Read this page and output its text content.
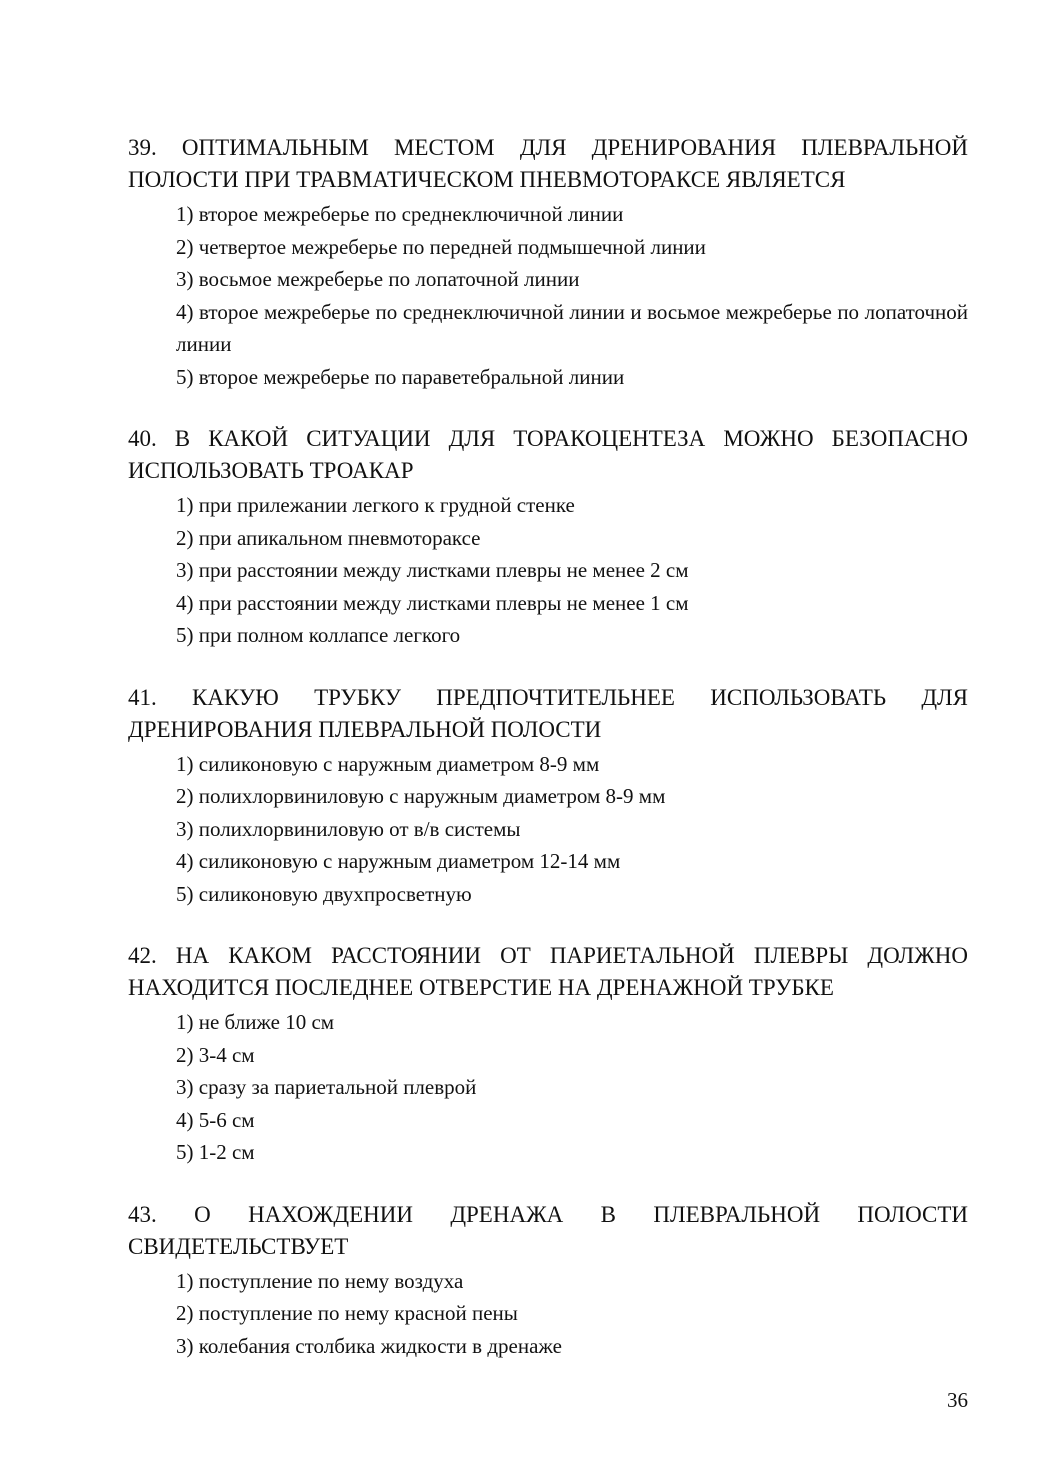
39. ОПТИМАЛЬНЫМ МЕСТОМ ДЛЯ ДРЕНИРОВАНИЯ ПЛЕВРАЛЬНОЙ ПОЛОСТИ ПРИ ТРАВМАТИЧЕСКОМ ПНЕВМОТОРАКСЕ ЯВЛЯЕТСЯ

1) второе межреберье по среднеключичной линии
2) четвертое межреберье по передней подмышечной линии
3) восьмое межреберье по лопаточной линии
4) второе межреберье по среднеключичной линии и восьмое межреберье по лопаточной линии
5) второе межреберье по паравeтебральной линии

40. В КАКОЙ СИТУАЦИИ ДЛЯ ТОРАКОЦЕНТЕЗА МОЖНО БЕЗОПАСНО ИСПОЛЬЗОВАТЬ ТРОАКАР

1) при прилежании легкого к грудной стенке
2) при апикальном пневмотораксе
3) при расстоянии между листками плевры не менее 2 см
4) при расстоянии между листками плевры не менее 1 см
5) при полном коллапсе легкого

41. КАКУЮ ТРУБКУ ПРЕДПОЧТИТЕЛЬНЕЕ ИСПОЛЬЗОВАТЬ ДЛЯ ДРЕНИРОВАНИЯ ПЛЕВРАЛЬНОЙ ПОЛОСТИ

1) силиконовую с наружным диаметром 8-9 мм
2) полихлорвиниловую с наружным диаметром 8-9 мм
3) полихлорвиниловую от в/в системы
4) силиконовую с наружным диаметром 12-14 мм
5) силиконовую двухпросветную

42. НА КАКОМ РАССТОЯНИИ ОТ ПАРИЕТАЛЬНОЙ ПЛЕВРЫ ДОЛЖНО НАХОДИТСЯ ПОСЛЕДНЕЕ ОТВЕРСТИЕ НА ДРЕНАЖНОЙ ТРУБКЕ

1) не ближе 10 см
2) 3-4 см
3) сразу за париетальной плеврой
4) 5-6 см
5) 1-2 см

43. О НАХОЖДЕНИИ ДРЕНАЖА В ПЛЕВРАЛЬНОЙ ПОЛОСТИ СВИДЕТЕЛЬСТВУЕТ

1) поступление по нему воздуха
2) поступление по нему красной пены
3) колебания столбика жидкости в дренаже
36
